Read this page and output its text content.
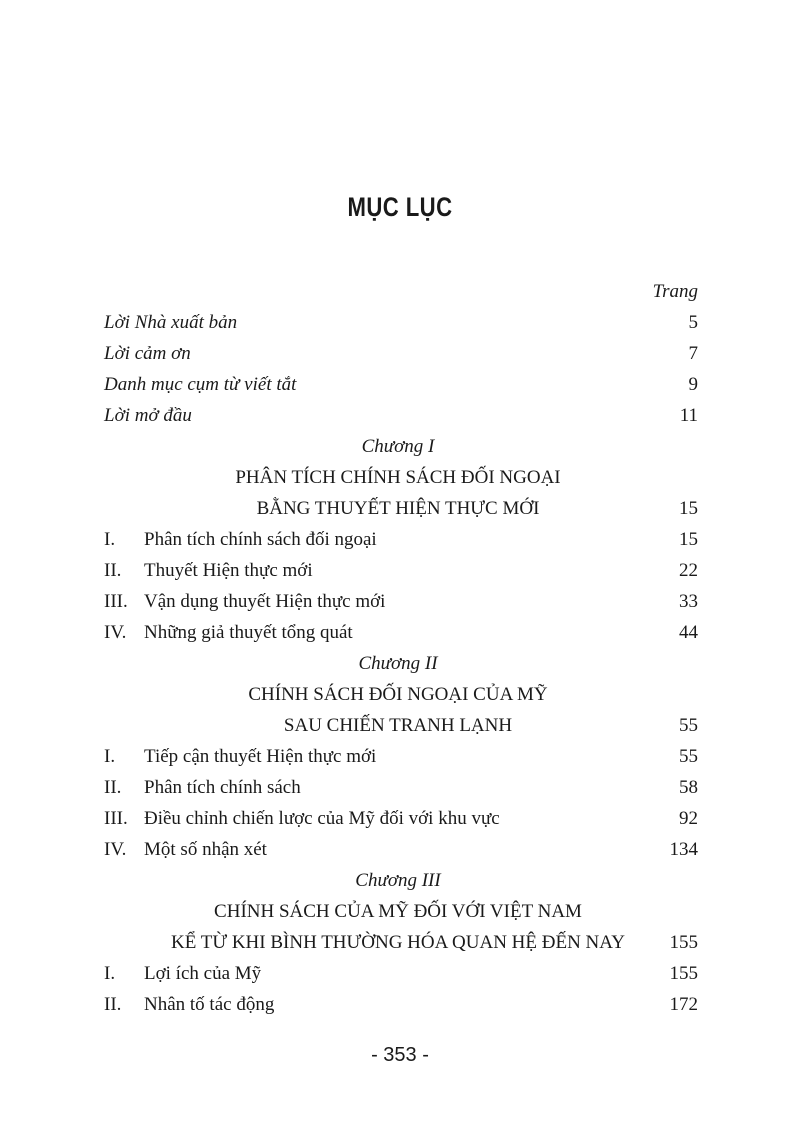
MỤC LỤC
Trang
Lời Nhà xuất bản	5
Lời cảm ơn	7
Danh mục cụm từ viết tắt	9
Lời mở đầu	11
Chương I
PHÂN TÍCH CHÍNH SÁCH ĐỐI NGOẠI
BẰNG THUYẾT HIỆN THỰC MỚI	15
I. Phân tích chính sách đối ngoại	15
II. Thuyết Hiện thực mới	22
III. Vận dụng thuyết Hiện thực mới	33
IV. Những giả thuyết tổng quát	44
Chương II
CHÍNH SÁCH ĐỐI NGOẠI CỦA MỸ
SAU CHIẾN TRANH LẠNH	55
I. Tiếp cận thuyết Hiện thực mới	55
II. Phân tích chính sách	58
III. Điều chỉnh chiến lược của Mỹ đối với khu vực	92
IV. Một số nhận xét	134
Chương III
CHÍNH SÁCH CỦA MỸ ĐỐI VỚI VIỆT NAM
KỂ TỪ KHI BÌNH THƯỜNG HÓA QUAN HỆ ĐẾN NAY	155
I. Lợi ích của Mỹ	155
II. Nhân tố tác động	172
- 353 -
